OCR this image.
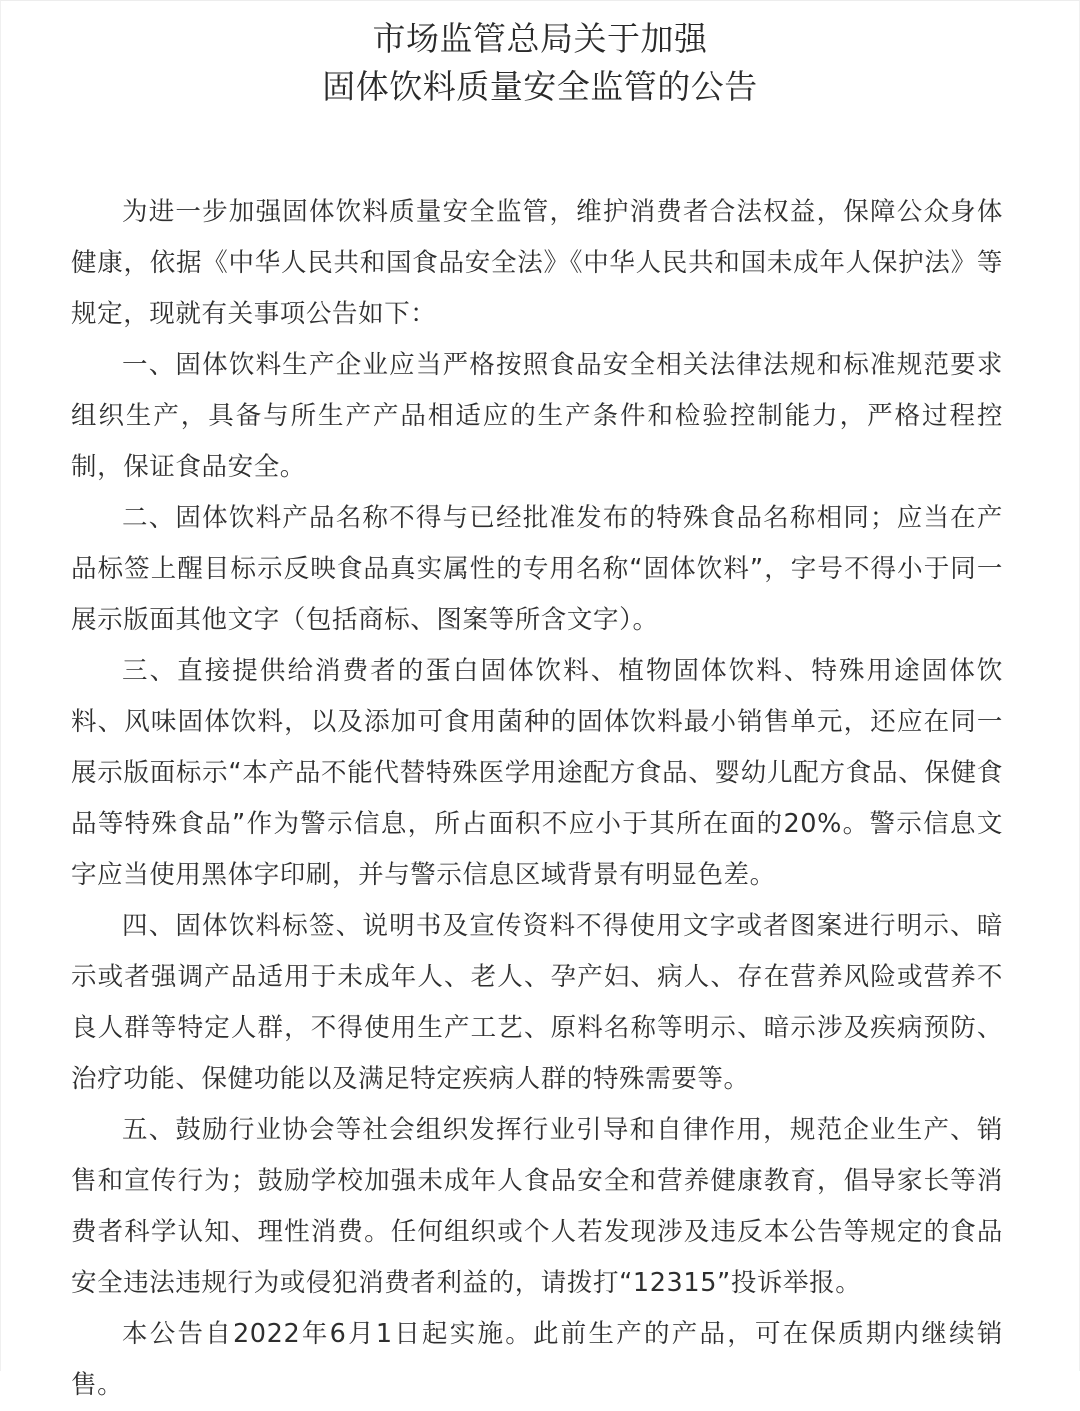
市场监管总局关于加强
固体饮料质量安全监管的公告

为进一步加强固体饮料质量安全监管，维护消费者合法权益，保障公众身体健康，依据《中华人民共和国食品安全法》《中华人民共和国未成年人保护法》等规定，现就有关事项公告如下：

一、固体饮料生产企业应当严格按照食品安全相关法律法规和标准规范要求组织生产，具备与所生产产品相适应的生产条件和检验控制能力，严格过程控制，保证食品安全。

二、固体饮料产品名称不得与已经批准发布的特殊食品名称相同；应当在产品标签上醒目标示反映食品真实属性的专用名称“固体饮料”，字号不得小于同一展示版面其他文字（包括商标、图案等所含文字）。

三、直接提供给消费者的蛋白固体饮料、植物固体饮料、特殊用途固体饮料、风味固体饮料，以及添加可食用菌种的固体饮料最小销售单元，还应在同一展示版面标示“本产品不能代替特殊医学用途配方食品、婴幼儿配方食品、保健食品等特殊食品”作为警示信息，所占面积不应小于其所在面的20%。警示信息文字应当使用黑体字印刷，并与警示信息区域背景有明显色差。

四、固体饮料标签、说明书及宣传资料不得使用文字或者图案进行明示、暗示或者强调产品适用于未成年人、老人、孕产妇、病人、存在营养风险或营养不良人群等特定人群，不得使用生产工艺、原料名称等明示、暗示涉及疾病预防、治疗功能、保健功能以及满足特定疾病人群的特殊需要等。

五、鼓励行业协会等社会组织发挥行业引导和自律作用，规范企业生产、销售和宣传行为；鼓励学校加强未成年人食品安全和营养健康教育，倡导家长等消费者科学认知、理性消费。任何组织或个人若发现涉及违反本公告等规定的食品安全违法违规行为或侵犯消费者利益的，请拨打“12315”投诉举报。

本公告自2022年6月1日起实施。此前生产的产品，可在保质期内继续销售。
